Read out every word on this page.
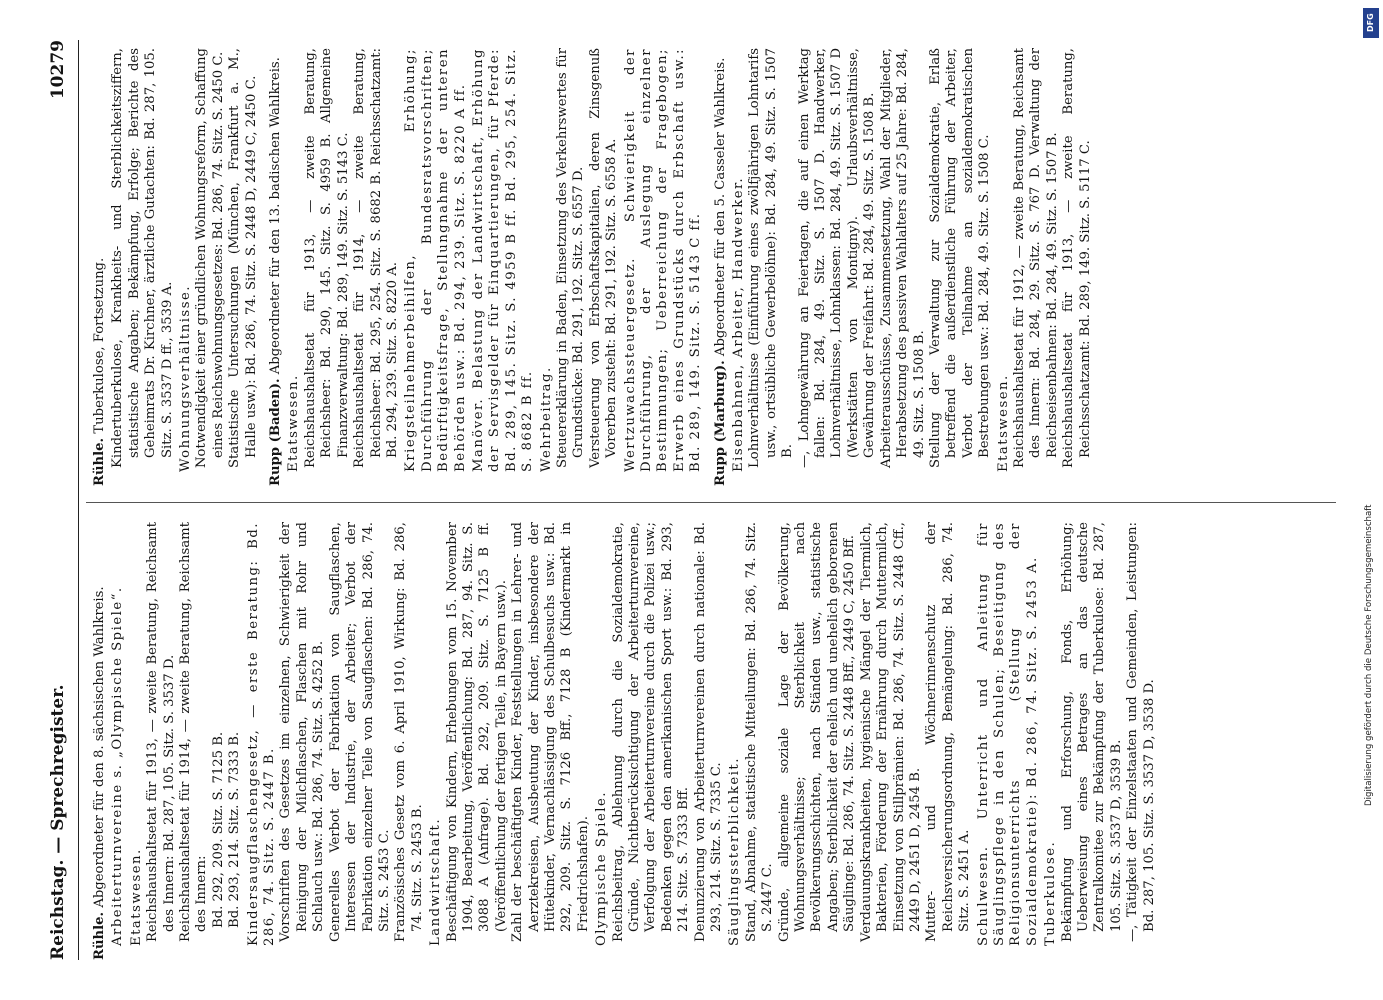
Reichstag. — Sprechregister.
10279

Rühle. Abgeordneter für den 8. sächsischen Wahlkreis. Arbeiterturnvereine s. „Olympische Spiele“. Etatswesen. Reichshaushaltsetat für 1913, — zweite Beratung, Reichsamt des Innern: Bd. 287, 105. Sitz. S. 3537 D. Reichshaushaltsetat für 1914, — zweite Beratung, Reichsamt des Innern: Bd. 292, 209. Sitz. S. 7125 B. Bd. 293, 214. Sitz. S. 7333 B. Kindersaugflaschengesetz, — erste Beratung: Bd. 286, 74. Sitz. S. 2447 B. Vorschriften des Gesetzes im einzelnen, Schwierigkeit der Reinigung der Milchflaschen, Flaschen mit Rohr und Schlauch usw.: Bd. 286, 74. Sitz. S. 4252 B. Generelles Verbot der Fabrikation von Saugflaschen, Interessen der Industrie, der Arbeiter; Verbot der Fabrikation einzelner Teile von Saugflaschen: Bd. 286, 74. Sitz. S. 2453 C. Französisches Gesetz vom 6. April 1910, Wirkung: Bd. 286, 74. Sitz. S. 2453 B. Landwirtschaft. Beschäftigung von Kindern, Erhebungen vom 15. November 1904, Bearbeitung, Veröffentlichung: Bd. 287, 94. Sitz. S. 3088 A (Anfrage). Bd. 292, 209. Sitz. S. 7125 B ff. (Veröffentlichung der fertigen Teile, in Bayern usw.). Zahl der beschäftigten Kinder, Feststellungen in Lehrer- und Aerztekreisen, Ausbeutung der Kinder, insbesondere der Hütekinder, Vernachlässigung des Schulbesuchs usw.: Bd. 292, 209. Sitz. S. 7126 Bff., 7128 B (Kindermarkt in Friedrichshafen). Olympische Spiele. Reichsbeitrag, Ablehnung durch die Sozialdemokratie, Gründe, Nichtberücksichtigung der Arbeiterturnvereine, Verfolgung der Arbeiterturnvereine durch die Polizei usw.; Bedenken gegen den amerikanischen Sport usw.: Bd. 293, 214. Sitz. S. 7333 Bff. Denunzierung von Arbeiterturnvereinen durch nationale: Bd. 293, 214. Sitz. S. 7335 C. Säuglingssterblichkeit. Stand, Abnahme, statistische Mitteilungen: Bd. 286, 74. Sitz. S. 2447 C. Gründe, allgemeine soziale Lage der Bevölkerung, Wohnungsverhältnisse; Sterblichkeit nach Bevölkerungsschichten, nach Ständen usw., statistische Angaben; Sterblichkeit der ehelich und unehelich geborenen Säuglinge: Bd. 286, 74. Sitz. S. 2448 Bff., 2449 C, 2450 Bff. Verdauungskrankheiten, hygienische Mängel der Tiermilch, Bakterien, Förderung der Ernährung durch Muttermilch, Einsetzung von Stillprämien: Bd. 286, 74. Sitz. S. 2448 Cff., 2449 D, 2451 D, 2454 B. Mutter- und Wöchnerinnenschutz der Reichsversicherungsordnung, Bemängelung: Bd. 286, 74. Sitz. S. 2451 A. Schulwesen. Unterricht und Anleitung für Säuglingspflege in den Schulen; Beseitigung des Religionsunterrichts (Stellung der Sozialdemokratie): Bd. 286, 74. Sitz. S. 2453 A. Tuberkulose. Bekämpfung und Erforschung, Fonds, Erhöhung; Ueberweisung eines Betrages an das deutsche Zentralkomitee zur Bekämpfung der Tuberkulose: Bd. 287, 105. Sitz. S. 3537 D, 3539 B. —, Tätigkeit der Einzelstaaten und Gemeinden, Leistungen: Bd. 287, 105. Sitz. S. 3537 D, 3538 D.

Rühle. Tuberkulose, Fortsetzung. Kindertuberkulose, Krankheits- und Sterblichkeitsziffern, statistische Angaben; Bekämpfung, Erfolge; Berichte des Geheimrats Dr. Kirchner, ärztliche Gutachten: Bd. 287, 105. Sitz. S. 3537 D ff., 3539 A. Wohnungsverhältnisse. Notwendigkeit einer gründlichen Wohnungsreform, Schaffung eines Reichswohnungsgesetzes: Bd. 286, 74. Sitz. S. 2450 C. Statistische Untersuchungen (München, Frankfurt a. M., Halle usw.): Bd. 286, 74. Sitz. S. 2448 D, 2449 C, 2450 C. Rupp (Baden). Abgeordneter für den 13. badischen Wahlkreis.

Etatswesen. Reichshaushaltsetat für 1913, — zweite Beratung, Reichsheer: Bd. 290, 145. Sitz. S. 4959 B. Allgemeine Finanzverwaltung: Bd. 289, 149. Sitz. S. 5143 C. Reichshaushaltsetat für 1914, — zweite Beratung, Reichsheer: Bd. 295, 254. Sitz. S. 8682 B. Reichsschatzamt: Bd. 294, 239. Sitz. S. 8220 A. Kriegsteilnehmerbeihilfen, Erhöhung; Durchführung der Bundesratsvorschriften; Bedürftigkeitsfrage, Stellungnahme der unteren Behörden usw.: Bd. 294, 239. Sitz. S. 8220 A ff. Manöver. Belastung der Landwirtschaft, Erhöhung der Servisgelder für Einquartierungen, für Pferde: Bd. 289, 145. Sitz. S. 4959 B ff. Bd. 295, 254. Sitz. S. 8682 B ff. Wehrbeitrag. Steuererklärung in Baden, Einsetzung des Verkehrswertes für Grundstücke: Bd. 291, 192. Sitz. S. 6557 D. Versteuerung von Erbschaftskapitalien, deren Zinsgenuß Vorerben zusteht: Bd. 291, 192. Sitz. S. 6558 A. Wertzuwachssteuergesetz. Schwierigkeit der Durchführung, der Auslegung einzelner Bestimmungen; Ueberreichung der Fragebogen; Erwerb eines Grundstücks durch Erbschaft usw.: Bd. 289, 149. Sitz. S. 5143 C ff. Rupp (Marburg). Abgeordneter für den 5. Casseler Wahlkreis. Eisenbahnen, Arbeiter, Handwerker. Lohnverhältnisse (Einführung eines zwölfjährigen Lohntarifs usw., ortsübliche Gewerbelöhne): Bd. 284, 49. Sitz. S. 1507 B. —, Lohngewährung an Feiertagen, die auf einen Werktag fallen: Bd. 284, 49. Sitz. S. 1507 D. Handwerker, Lohnverhältnisse, Lohnklassen: Bd. 284, 49. Sitz. S. 1507 D (Werkstätten von Montigny). Urlaubsverhältnisse, Gewährung der Freifahrt: Bd. 284, 49. Sitz. S. 1508 B. Arbeiterausschüsse, Zusammensetzung, Wahl der Mitglieder, Herabsetzung des passiven Wahlalters auf 25 Jahre: Bd. 284, 49. Sitz. S. 1508 B. Stellung der Verwaltung zur Sozialdemokratie, Erlaß betreffend die außerdienstliche Führung der Arbeiter, Verbot der Teilnahme an sozialdemokratischen Bestrebungen usw.: Bd. 284, 49. Sitz. S. 1508 C. Etatswesen. Reichshaushaltsetat für 1912, — zweite Beratung, Reichsamt des Innern: Bd. 284, 29. Sitz. S. 767 D. Verwaltung der Reichseisenbahnen: Bd. 284, 49. Sitz. S. 1507 B. Reichshaushaltsetat für 1913, — zweite Beratung, Reichsschatzamt: Bd. 289, 149. Sitz. S. 5117 C.

DFG
Digitalisierung gefördert durch die Deutsche Forschungsgemeinschaft
